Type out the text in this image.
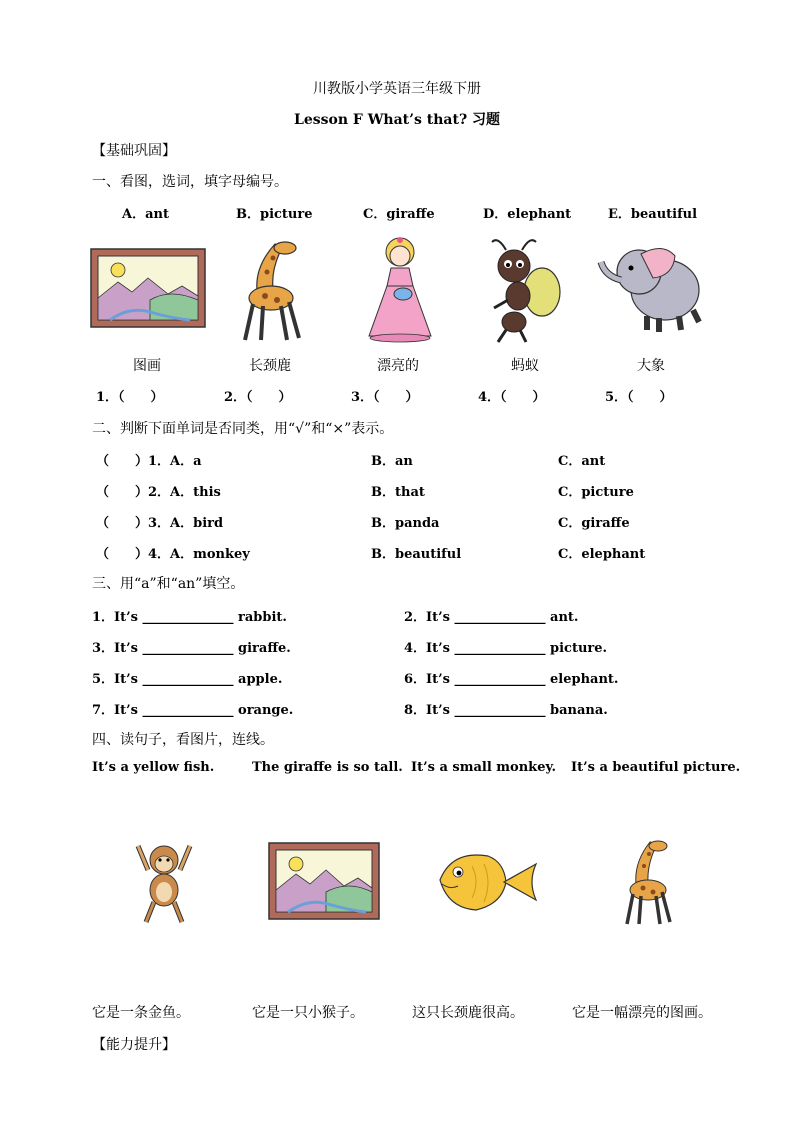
川教版小学英语三年级下册
Lesson F What’s that? 习题
【基础巩固】
一、看图，选词，填字母编号。
A．ant	B．picture	C．giraffe	D．elephant	E．beautiful
图画	长颈鹿	漂亮的	蚂蚁	大象
1．（　　）	2．（　　）	3．（　　）	4．（　　）	5．（　　）
二、判断下面单词是否同类，用“√”和“×”表示。
（　　）1．A．a	B．an	C．ant
（　　）2．A．this	B．that	C．picture
（　　）3．A．bird	B．panda	C．giraffe
（　　）4．A．monkey	B．beautiful	C．elephant
三、用“a”和“an”填空。
1．It’s ______________ rabbit.	2．It’s ______________ ant.
3．It’s ______________ giraffe.	4．It’s ______________ picture.
5．It’s ______________ apple.	6．It’s ______________ elephant.
7．It’s ______________ orange.	8．It’s ______________ banana.
四、读句子，看图片，连线。
It’s a yellow fish.	The giraffe is so tall. It’s a small monkey. It’s a beautiful picture.
它是一条金鱼。	它是一只小猴子。	这只长颈鹿很高。	它是一幅漂亮的图画。
【能力提升】
